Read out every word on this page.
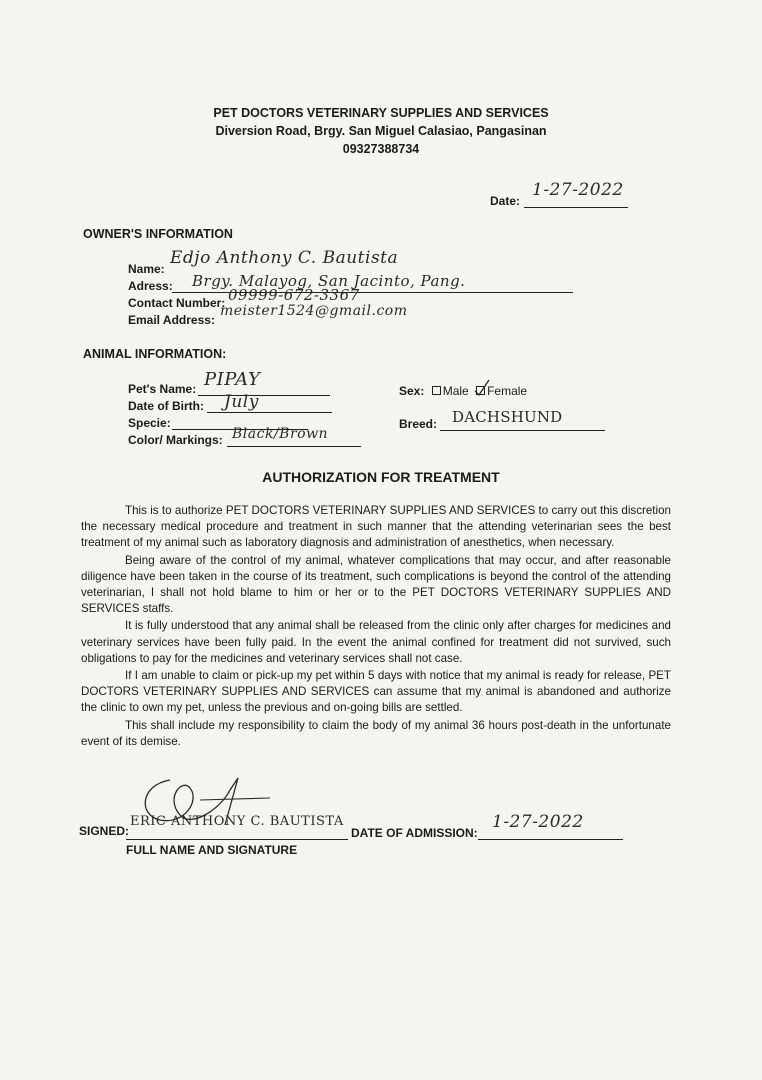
PET DOCTORS VETERINARY SUPPLIES AND SERVICES
Diversion Road, Brgy. San Miguel Calasiao, Pangasinan
09327388734
Date:
1-27-2022
OWNER'S INFORMATION
Name:
Edjo Anthony C. Bautista
Adress: Brgy. Malayog, San Jacinto, Pang.
Contact Number: 09999-672-3367
Email Address:
meister1524@gmail.com
ANIMAL INFORMATION:
Pet's Name: PIPAY
Date of Birth: July
Specie:
Color/ Markings: Black/Brown
Sex: Male Female
Breed: DACHSHUND
AUTHORIZATION FOR TREATMENT

This is to authorize PET DOCTORS VETERINARY SUPPLIES AND SERVICES to carry out this discretion the necessary medical procedure and treatment in such manner that the attending veterinarian sees the best treatment of my animal such as laboratory diagnosis and administration of anesthetics, when necessary.

Being aware of the control of my animal, whatever complications that may occur, and after reasonable diligence have been taken in the course of its treatment, such complications is beyond the control of the attending veterinarian, I shall not hold blame to him or her or to the PET DOCTORS VETERINARY SUPPLIES AND SERVICES staffs.

It is fully understood that any animal shall be released from the clinic only after charges for medicines and veterinary services have been fully paid. In the event the animal confined for treatment did not survived, such obligations to pay for the medicines and veterinary services shall not case.

If I am unable to claim or pick-up my pet within 5 days with notice that my animal is ready for release, PET DOCTORS VETERINARY SUPPLIES AND SERVICES can assume that my animal is abandoned and authorize the clinic to own my pet, unless the previous and on-going bills are settled.

This shall include my responsibility to claim the body of my animal 36 hours post-death in the unfortunate event of its demise.

SIGNED:
ERIC ANTHONY C. BAUTISTA
FULL NAME AND SIGNATURE
DATE OF ADMISSION:
1-27-2022
